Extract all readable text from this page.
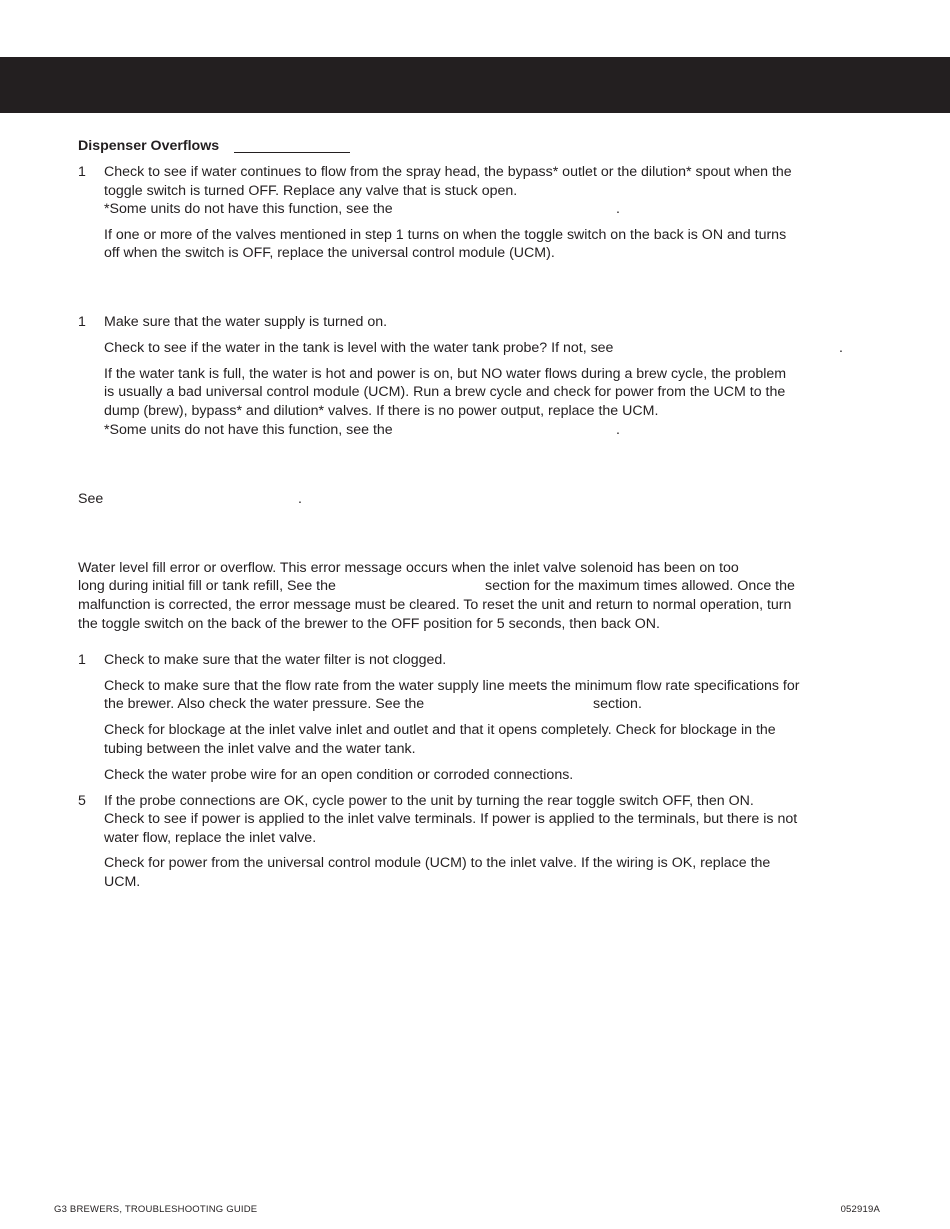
Dispenser Overflows
1 Check to see if water continues to flow from the spray head, the bypass* outlet or the dilution* spout when the
toggle switch is turned OFF. Replace any valve that is stuck open.
*Some units do not have this function, see the	.
If one or more of the valves mentioned in step 1 turns on when the toggle switch on the back is ON and turns
off when the switch is OFF, replace the universal control module (UCM).
1 Make sure that the water supply is turned on.
Check to see if the water in the tank is level with the water tank probe? If not, see	.
If the water tank is full, the water is hot and power is on, but NO water flows during a brew cycle, the problem
is usually a bad universal control module (UCM). Run a brew cycle and check for power from the UCM to the
dump (brew), bypass* and dilution* valves. If there is no power output, replace the UCM.
*Some units do not have this function, see the	.
See	.
Water level fill error or overflow. This error message occurs when the inlet valve solenoid has been on too
long during initial fill or tank refill, See the	section for the maximum times allowed. Once the
malfunction is corrected, the error message must be cleared. To reset the unit and return to normal operation, turn
the toggle switch on the back of the brewer to the OFF position for 5 seconds, then back ON.
1 Check to make sure that the water filter is not clogged.
Check to make sure that the flow rate from the water supply line meets the minimum flow rate specifications for
the brewer. Also check the water pressure. See the	section.
Check for blockage at the inlet valve inlet and outlet and that it opens completely. Check for blockage in the
tubing between the inlet valve and the water tank.
Check the water probe wire for an open condition or corroded connections.
5 If the probe connections are OK, cycle power to the unit by turning the rear toggle switch OFF, then ON.
Check to see if power is applied to the inlet valve terminals. If power is applied to the terminals, but there is not
water flow, replace the inlet valve.
Check for power from the universal control module (UCM) to the inlet valve. If the wiring is OK, replace the
UCM.
G3 BREWERS, TROUBLESHOOTING GUIDE	052919A
